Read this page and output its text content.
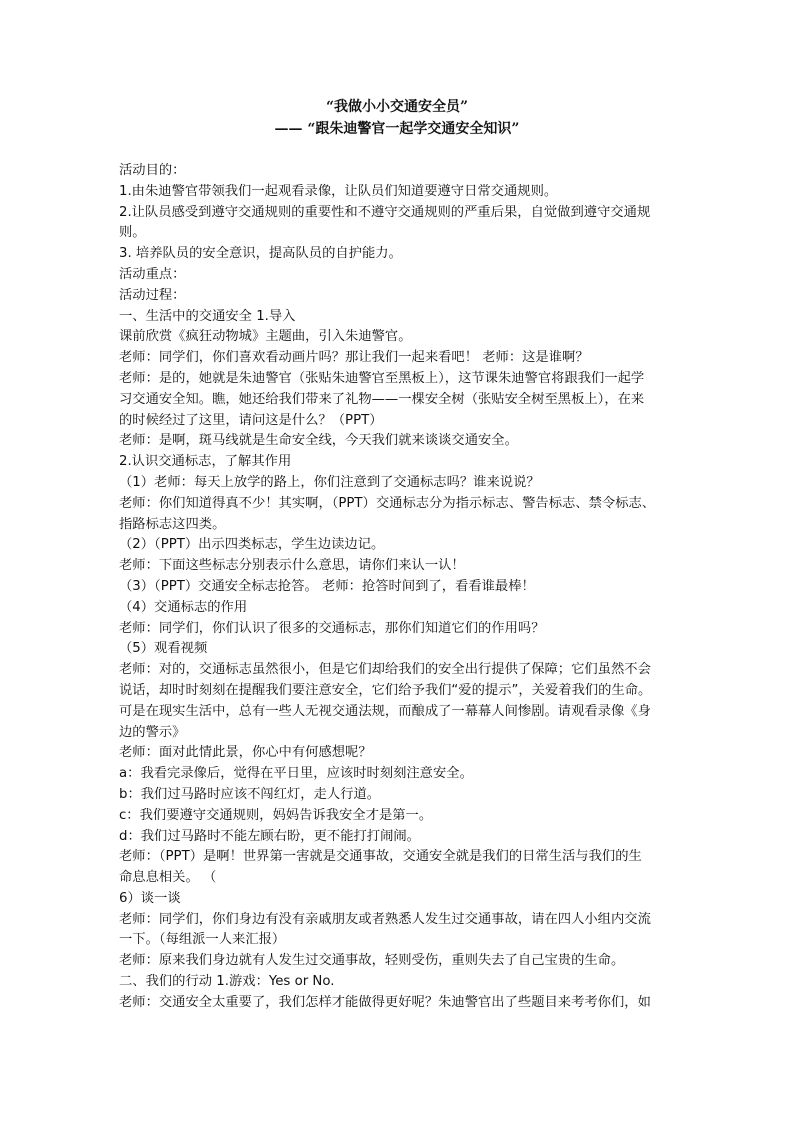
“我做小小交通安全员”
—— “跟朱迪警官一起学交通安全知识”
活动目的：
1.由朱迪警官带领我们一起观看录像，让队员们知道要遵守日常交通规则。
2.让队员感受到遵守交通规则的重要性和不遵守交通规则的严重后果，自觉做到遵守交通规
则。
3. 培养队员的安全意识，提高队员的自护能力。
活动重点：
活动过程：
一、生活中的交通安全 1.导入
课前欣赏《疯狂动物城》主题曲，引入朱迪警官。
老师：同学们，你们喜欢看动画片吗？那让我们一起来看吧！ 老师：这是谁啊？
老师：是的，她就是朱迪警官（张贴朱迪警官至黑板上），这节课朱迪警官将跟我们一起学
习交通安全知。瞧，她还给我们带来了礼物——一棵安全树（张贴安全树至黑板上），在来
的时候经过了这里，请问这是什么？（PPT）
老师：是啊，斑马线就是生命安全线，今天我们就来谈谈交通安全。
2.认识交通标志，了解其作用
（1）老师：每天上放学的路上，你们注意到了交通标志吗？谁来说说？
老师：你们知道得真不少！其实啊，（PPT）交通标志分为指示标志、警告标志、禁令标志、
指路标志这四类。
（2）（PPT）出示四类标志，学生边读边记。
老师：下面这些标志分别表示什么意思，请你们来认一认！
（3）（PPT）交通安全标志抢答。 老师：抢答时间到了，看看谁最棒！
（4）交通标志的作用
老师：同学们，你们认识了很多的交通标志，那你们知道它们的作用吗？
（5）观看视频
老师：对的，交通标志虽然很小，但是它们却给我们的安全出行提供了保障；它们虽然不会
说话，却时时刻刻在提醒我们要注意安全，它们给予我们“爱的提示”，关爱着我们的生命。
可是在现实生活中，总有一些人无视交通法规，而酿成了一幕幕人间惨剧。请观看录像《身
边的警示》
老师：面对此情此景，你心中有何感想呢？
a：我看完录像后，觉得在平日里，应该时时刻刻注意安全。
b：我们过马路时应该不闯红灯，走人行道。
c：我们要遵守交通规则，妈妈告诉我安全才是第一。
d：我们过马路时不能左顾右盼，更不能打打闹闹。
老师：（PPT）是啊！世界第一害就是交通事故，交通安全就是我们的日常生活与我们的生
命息息相关。 （
6）谈一谈
老师：同学们，你们身边有没有亲戚朋友或者熟悉人发生过交通事故，请在四人小组内交流
一下。（每组派一人来汇报）
老师：原来我们身边就有人发生过交通事故，轻则受伤，重则失去了自己宝贵的生命。
二、我们的行动 1.游戏：Yes or No.
老师：交通安全太重要了，我们怎样才能做得更好呢？朱迪警官出了些题目来考考你们，如
